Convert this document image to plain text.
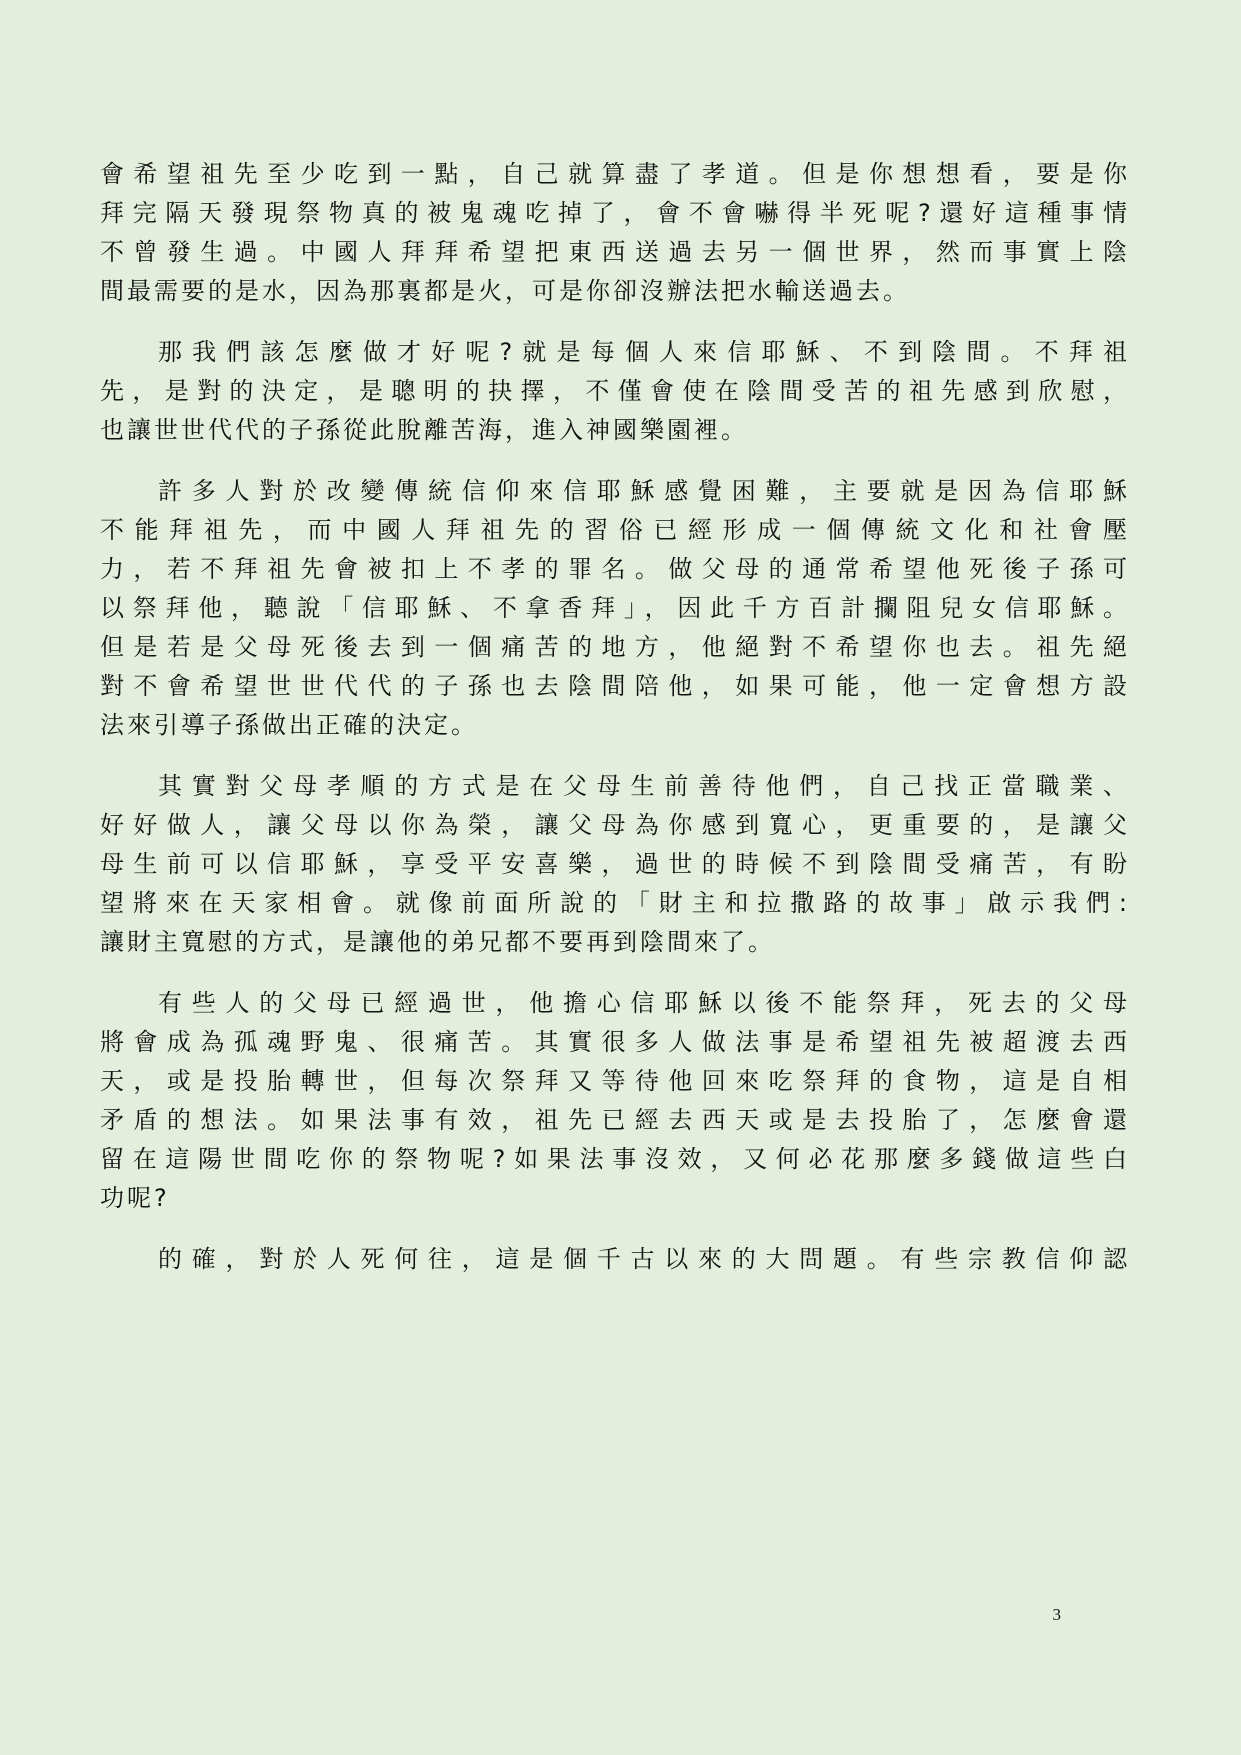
會希望祖先至少吃到一點，自己就算盡了孝道。但是你想想看，要是你
拜完隔天發現祭物真的被鬼魂吃掉了，會不會嚇得半死呢?還好這種事情
不曾發生過。中國人拜拜希望把東西送過去另一個世界，然而事實上陰
間最需要的是水，因為那裏都是火，可是你卻沒辦法把水輸送過去。
那我們該怎麼做才好呢?就是每個人來信耶穌、不到陰間。不拜祖
先，是對的決定，是聰明的抉擇，不僅會使在陰間受苦的祖先感到欣慰，
也讓世世代代的子孫從此脫離苦海，進入神國樂園裡。
許多人對於改變傳統信仰來信耶穌感覺困難，主要就是因為信耶穌
不能拜祖先，而中國人拜祖先的習俗已經形成一個傳統文化和社會壓
力，若不拜祖先會被扣上不孝的罪名。做父母的通常希望他死後子孫可
以祭拜他，聽說「信耶穌、不拿香拜」，因此千方百計攔阻兒女信耶穌。
但是若是父母死後去到一個痛苦的地方，他絕對不希望你也去。祖先絕
對不會希望世世代代的子孫也去陰間陪他，如果可能，他一定會想方設
法來引導子孫做出正確的決定。
其實對父母孝順的方式是在父母生前善待他們，自己找正當職業、
好好做人，讓父母以你為榮，讓父母為你感到寬心，更重要的，是讓父
母生前可以信耶穌，享受平安喜樂，過世的時候不到陰間受痛苦，有盼
望將來在天家相會。就像前面所說的「財主和拉撒路的故事」啟示我們:
讓財主寬慰的方式，是讓他的弟兄都不要再到陰間來了。
有些人的父母已經過世，他擔心信耶穌以後不能祭拜，死去的父母
將會成為孤魂野鬼、很痛苦。其實很多人做法事是希望祖先被超渡去西
天，或是投胎轉世，但每次祭拜又等待他回來吃祭拜的食物，這是自相
矛盾的想法。如果法事有效，祖先已經去西天或是去投胎了，怎麼會還
留在這陽世間吃你的祭物呢?如果法事沒效，又何必花那麼多錢做這些白
功呢?
的確，對於人死何往，這是個千古以來的大問題。有些宗教信仰認
3
